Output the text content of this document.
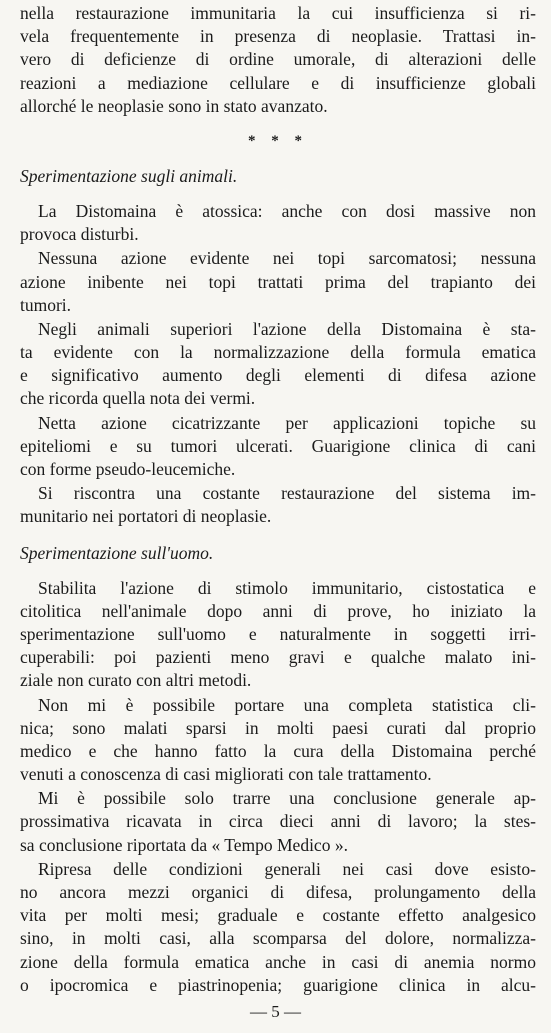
nella restaurazione immunitaria la cui insufficienza si ri-
vela frequentemente in presenza di neoplasie. Trattasi in-
vero di deficienze di ordine umorale, di alterazioni delle
reazioni a mediazione cellulare e di insufficienze globali
allorché le neoplasie sono in stato avanzato.
* * *
Sperimentazione sugli animali.
La Distomaina è atossica: anche con dosi massive non
provoca disturbi.
Nessuna azione evidente nei topi sarcomatosi; nessuna
azione inibente nei topi trattati prima del trapianto dei
tumori.
Negli animali superiori l'azione della Distomaina è sta-
ta evidente con la normalizzazione della formula ematica
e significativo aumento degli elementi di difesa azione
che ricorda quella nota dei vermi.
Netta azione cicatrizzante per applicazioni topiche su
epiteliomi e su tumori ulcerati. Guarigione clinica di cani
con forme pseudo-leucemiche.
Si riscontra una costante restaurazione del sistema im-
munitario nei portatori di neoplasie.
Sperimentazione sull'uomo.
Stabilita l'azione di stimolo immunitario, cistostatica e
citolitica nell'animale dopo anni di prove, ho iniziato la
sperimentazione sull'uomo e naturalmente in soggetti irri-
cuperabili: poi pazienti meno gravi e qualche malato ini-
ziale non curato con altri metodi.
Non mi è possibile portare una completa statistica cli-
nica; sono malati sparsi in molti paesi curati dal proprio
medico e che hanno fatto la cura della Distomaina perché
venuti a conoscenza di casi migliorati con tale trattamento.
Mi è possibile solo trarre una conclusione generale ap-
prossimativa ricavata in circa dieci anni di lavoro; la stes-
sa conclusione riportata da « Tempo Medico ».
Ripresa delle condizioni generali nei casi dove esisto-
no ancora mezzi organici di difesa, prolungamento della
vita per molti mesi; graduale e costante effetto analgesico
sino, in molti casi, alla scomparsa del dolore, normalizza-
zione della formula ematica anche in casi di anemia normo
o ipocromica e piastrinopenia; guarigione clinica in alcu-
— 5 —
